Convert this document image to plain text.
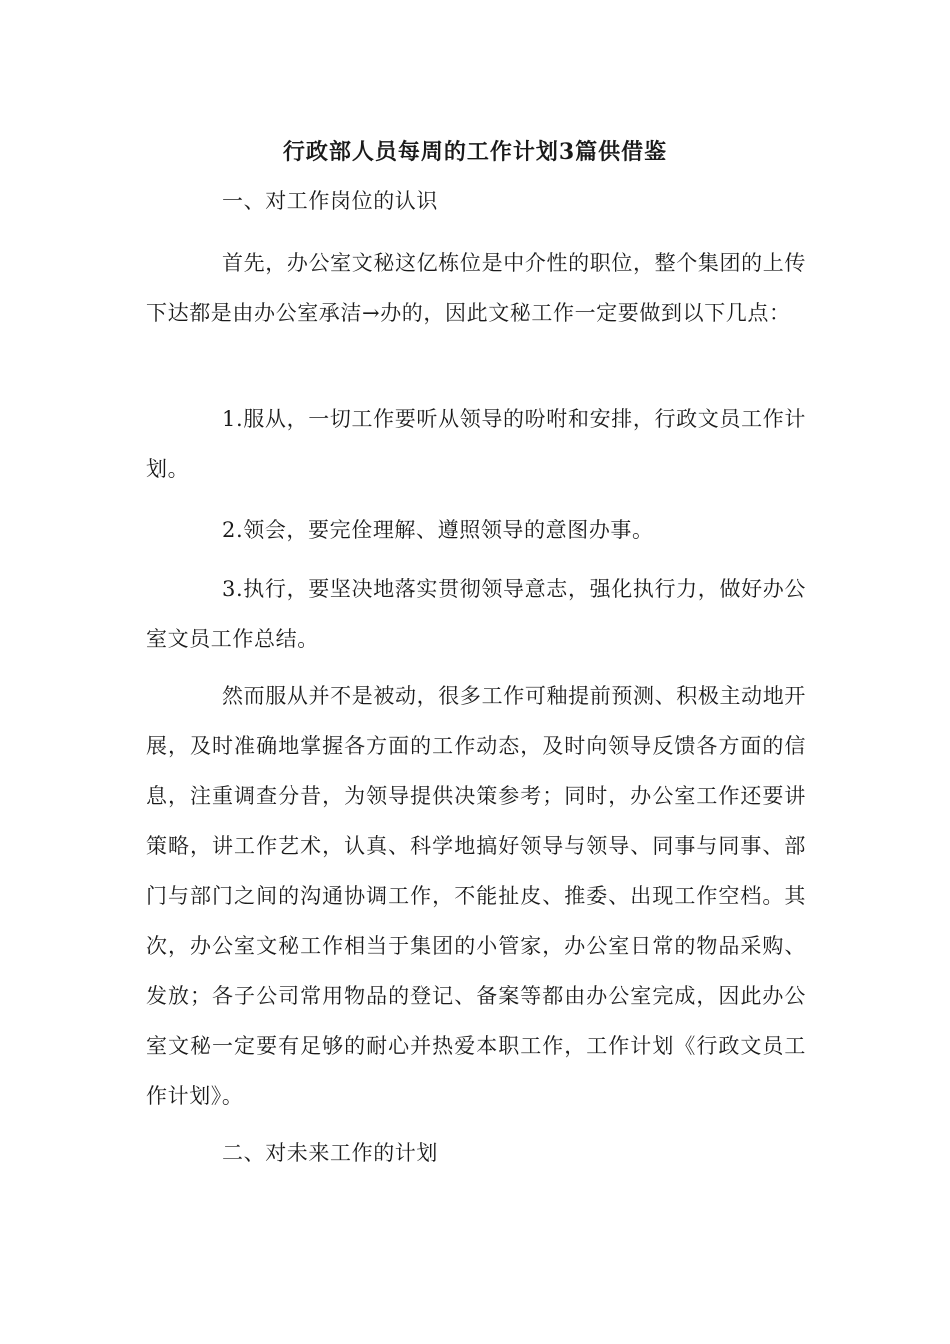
行政部人员每周的工作计划3篇供借鉴

一、对工作岗位的认识

首先，办公室文秘这亿栋位是中介性的职位，整个集团的上传下达都是由办公室承洁→办的，因此文秘工作一定要做到以下几点：

1.服从，一切工作要听从领导的吩咐和安排，行政文员工作计划。

2.领会，要完佺理解、遵照领导的意图办事。

3.执行，要坚决地落实贯彻领导意志，强化执行力，做好办公室文员工作总结。

然而服从并不是被动，很多工作可釉提前预测、积极主动地开展，及时准确地掌握各方面的工作动态，及时向领导反馈各方面的信息，注重调查分昔，为领导提供决策参考；同时，办公室工作还要讲策略，讲工作艺术，认真、科学地搞好领导与领导、同事与同事、部门与部门之间的沟通协调工作，不能扯皮、推委、出现工作空档。其次，办公室文秘工作相当于集团的小管家，办公室日常的物品采购、发放；各子公司常用物品的登记、备案等都由办公室完成，因此办公室文秘一定要有足够的耐心并热爱本职工作，工作计划《行政文员工作计划》。

二、对未来工作的计划
